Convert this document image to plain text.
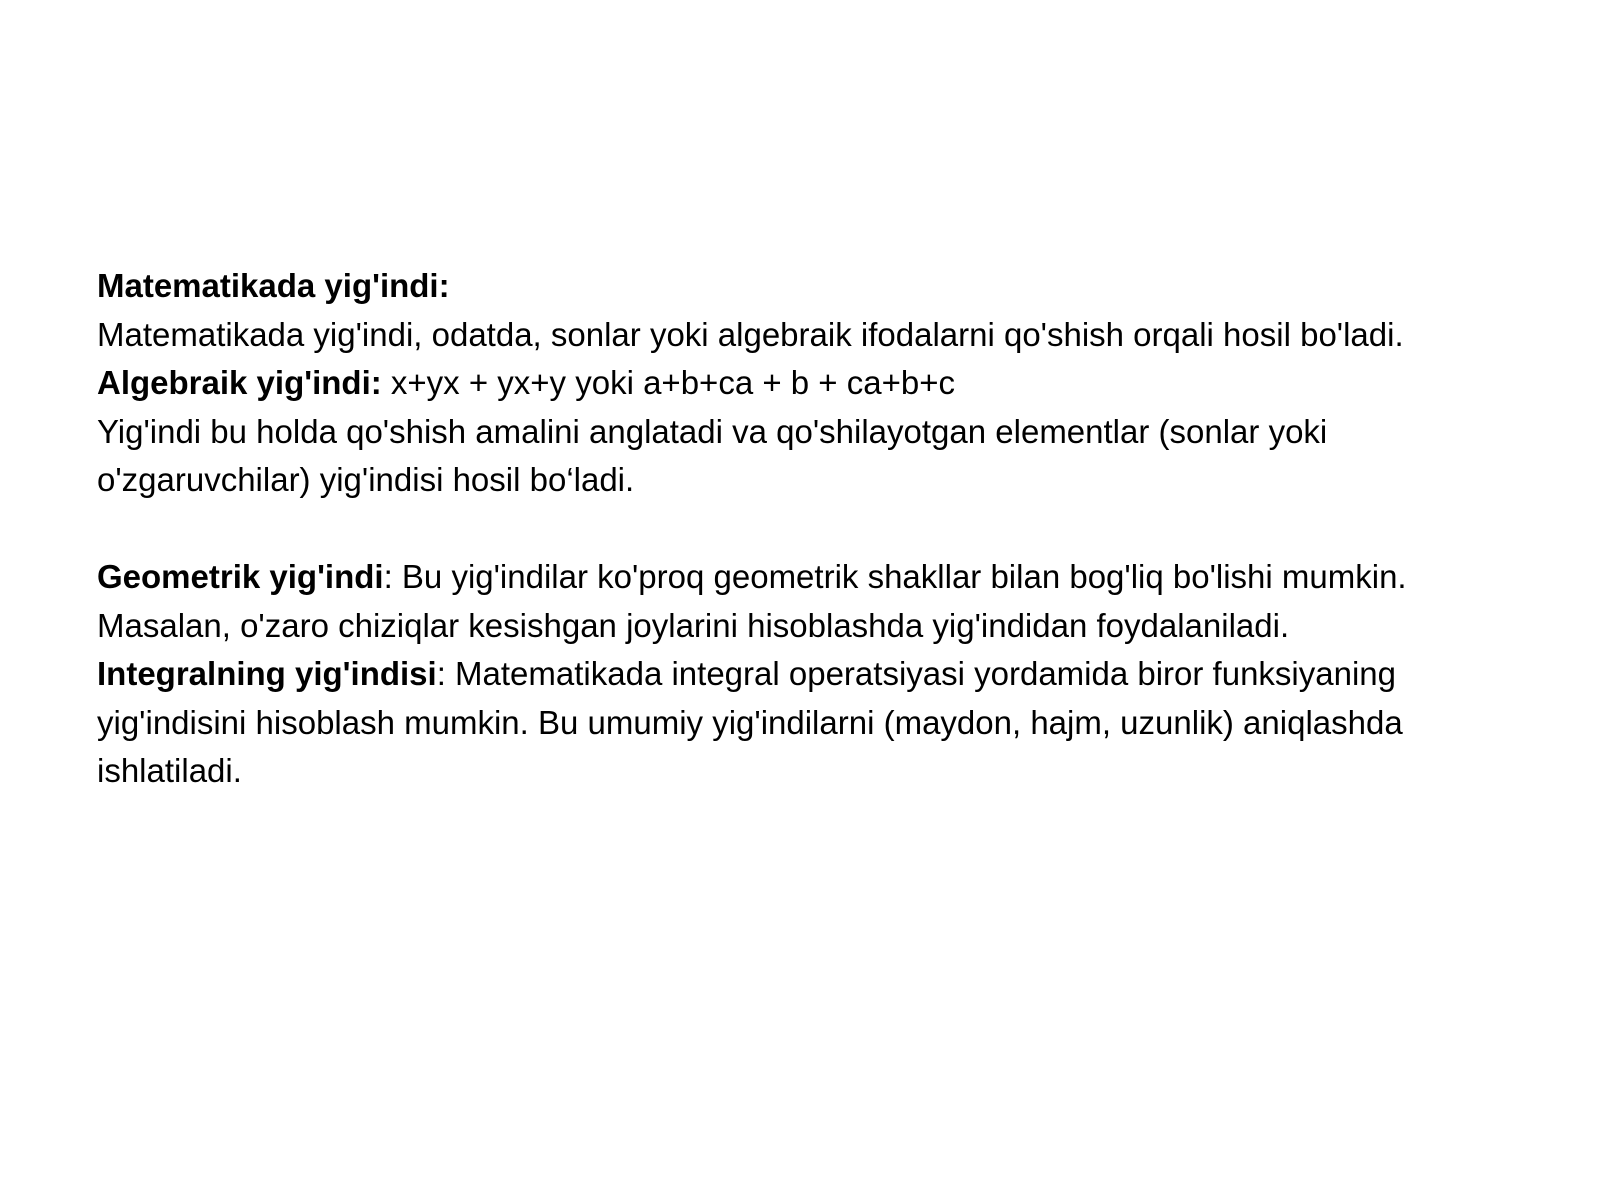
Matematikada yig'indi:

Matematikada yig'indi, odatda, sonlar yoki algebraik ifodalarni qo'shish orqali hosil bo'ladi.

Algebraik yig'indi: x+yx + yx+y yoki a+b+ca + b + ca+b+c

Yig'indi bu holda qo'shish amalini anglatadi va qo'shilayotgan elementlar (sonlar yoki o'zgaruvchilar) yig'indisi hosil bo‘ladi.

Geometrik yig'indi: Bu yig'indilar ko'proq geometrik shakllar bilan bog'liq bo'lishi mumkin. Masalan, o'zaro chiziqlar kesishgan joylarini hisoblashda yig'indidan foydalaniladi.

Integralning yig'indisi: Matematikada integral operatsiyasi yordamida biror funksiyaning yig'indisini hisoblash mumkin. Bu umumiy yig'indilarni (maydon, hajm, uzunlik) aniqlashda ishlatiladi.
